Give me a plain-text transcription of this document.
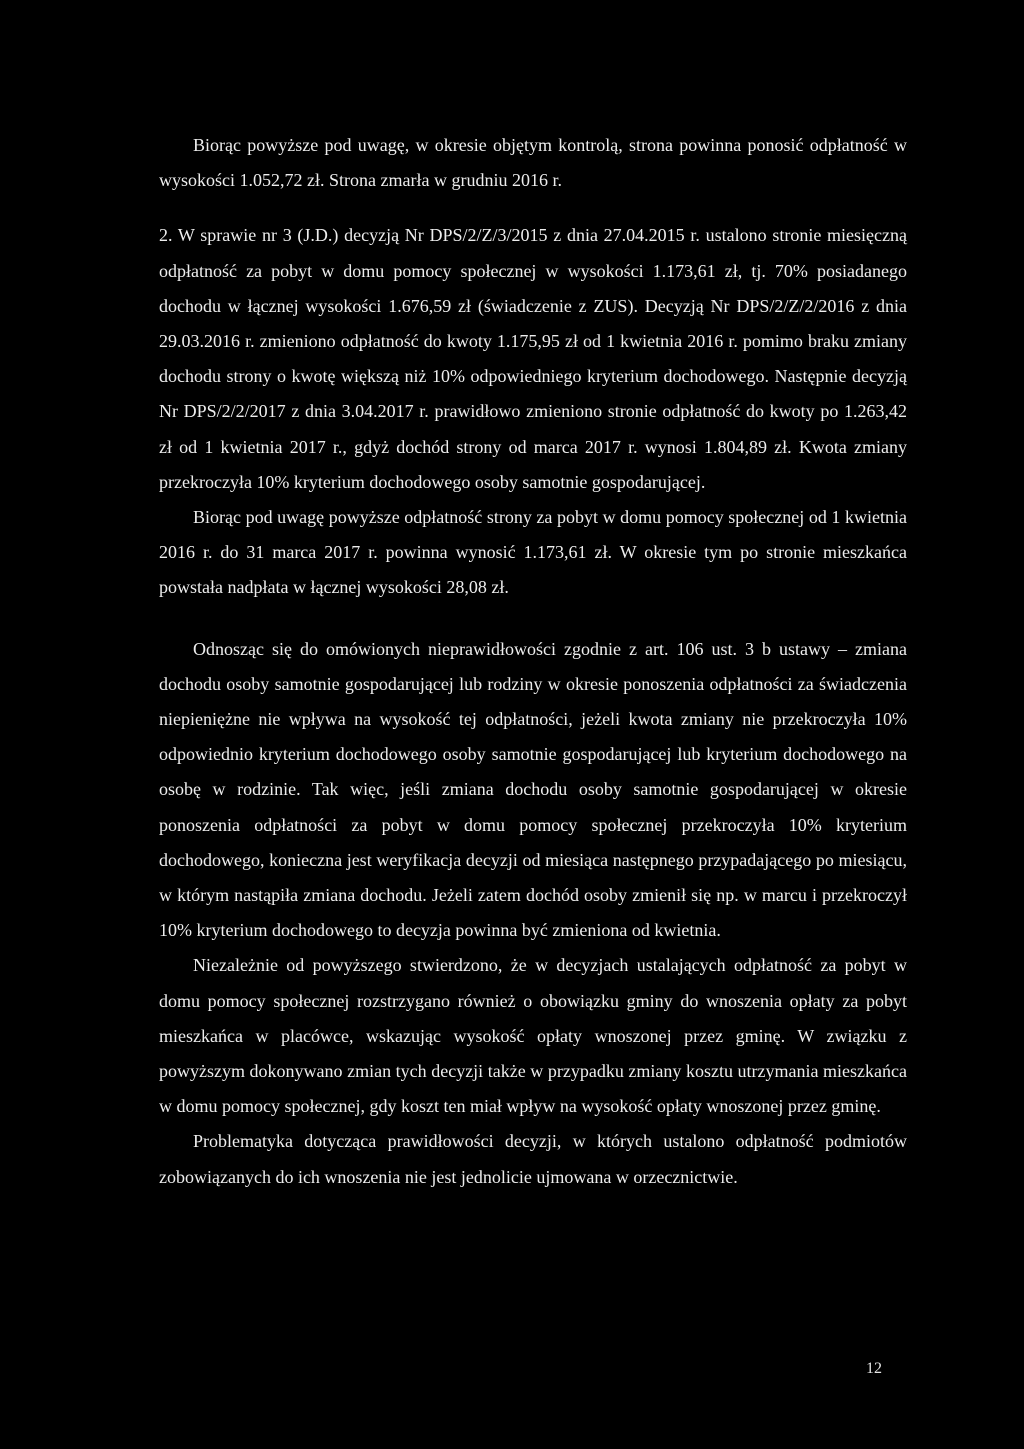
Biorąc powyższe pod uwagę, w okresie objętym kontrolą, strona powinna ponosić odpłatność w wysokości 1.052,72 zł. Strona zmarła w grudniu 2016 r.

2. W sprawie nr 3 (J.D.) decyzją Nr DPS/2/Z/3/2015 z dnia 27.04.2015 r. ustalono stronie miesięczną odpłatność za pobyt w domu pomocy społecznej w wysokości 1.173,61 zł, tj. 70% posiadanego dochodu w łącznej wysokości 1.676,59 zł (świadczenie z ZUS). Decyzją Nr DPS/2/Z/2/2016 z dnia 29.03.2016 r. zmieniono odpłatność do kwoty 1.175,95 zł od 1 kwietnia 2016 r. pomimo braku zmiany dochodu strony o kwotę większą niż 10% odpowiedniego kryterium dochodowego. Następnie decyzją Nr DPS/2/2/2017 z dnia 3.04.2017 r. prawidłowo zmieniono stronie odpłatność do kwoty po 1.263,42 zł od 1 kwietnia 2017 r., gdyż dochód strony od marca 2017 r. wynosi 1.804,89 zł. Kwota zmiany przekroczyła 10% kryterium dochodowego osoby samotnie gospodarującej.

Biorąc pod uwagę powyższe odpłatność strony za pobyt w domu pomocy społecznej od 1 kwietnia 2016 r. do 31 marca 2017 r. powinna wynosić 1.173,61 zł. W okresie tym po stronie mieszkańca powstała nadpłata w łącznej wysokości 28,08 zł.

Odnosząc się do omówionych nieprawidłowości zgodnie z art. 106 ust. 3 b ustawy – zmiana dochodu osoby samotnie gospodarującej lub rodziny w okresie ponoszenia odpłatności za świadczenia niepieniężne nie wpływa na wysokość tej odpłatności, jeżeli kwota zmiany nie przekroczyła 10% odpowiednio kryterium dochodowego osoby samotnie gospodarującej lub kryterium dochodowego na osobę w rodzinie. Tak więc, jeśli zmiana dochodu osoby samotnie gospodarującej w okresie ponoszenia odpłatności za pobyt w domu pomocy społecznej przekroczyła 10% kryterium dochodowego, konieczna jest weryfikacja decyzji od miesiąca następnego przypadającego po miesiącu, w którym nastąpiła zmiana dochodu. Jeżeli zatem dochód osoby zmienił się np. w marcu i przekroczył 10% kryterium dochodowego to decyzja powinna być zmieniona od kwietnia.

Niezależnie od powyższego stwierdzono, że w decyzjach ustalających odpłatność za pobyt w domu pomocy społecznej rozstrzygano również o obowiązku gminy do wnoszenia opłaty za pobyt mieszkańca w placówce, wskazując wysokość opłaty wnoszonej przez gminę. W związku z powyższym dokonywano zmian tych decyzji także w przypadku zmiany kosztu utrzymania mieszkańca w domu pomocy społecznej, gdy koszt ten miał wpływ na wysokość opłaty wnoszonej przez gminę.

Problematyka dotycząca prawidłowości decyzji, w których ustalono odpłatność podmiotów zobowiązanych do ich wnoszenia nie jest jednolicie ujmowana w orzecznictwie.

12
